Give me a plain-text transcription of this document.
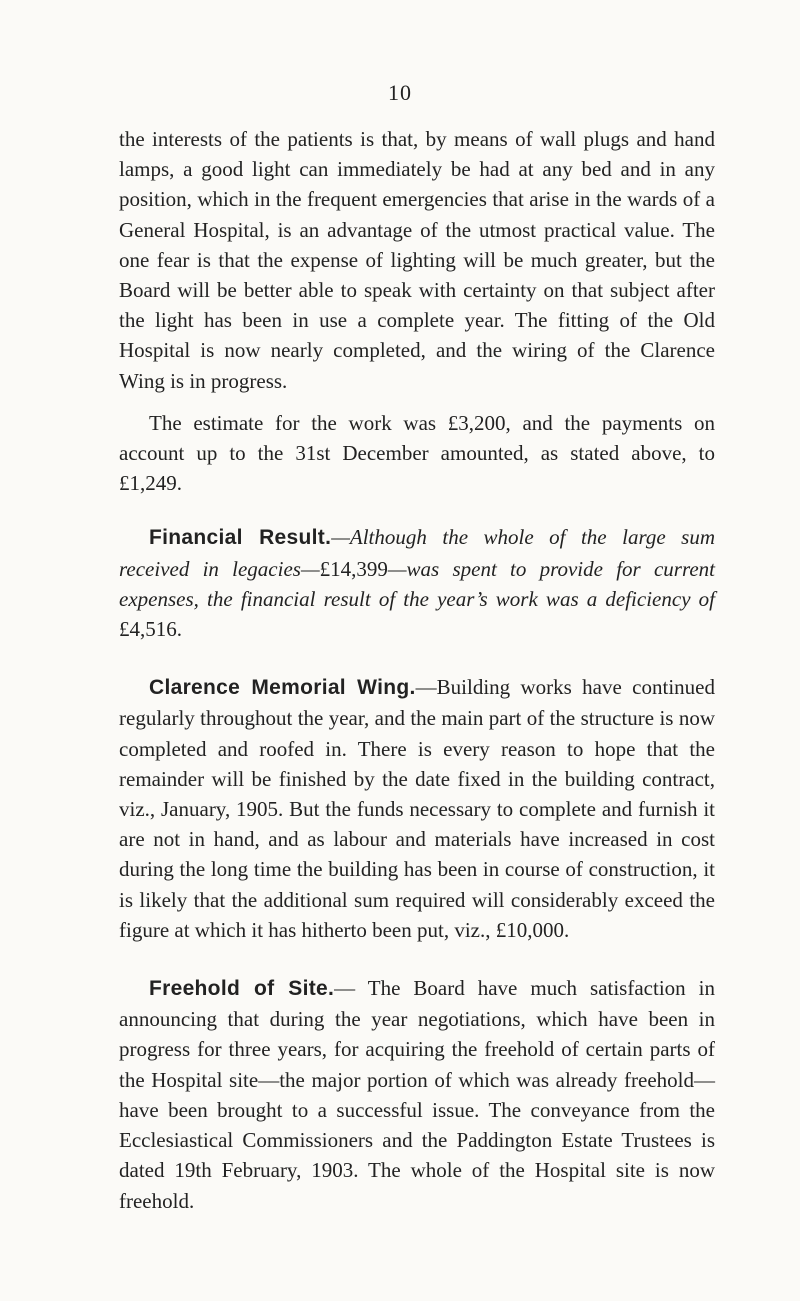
10

the interests of the patients is that, by means of wall plugs and hand lamps, a good light can immediately be had at any bed and in any position, which in the frequent emergencies that arise in the wards of a General Hospital, is an advantage of the utmost practical value. The one fear is that the expense of lighting will be much greater, but the Board will be better able to speak with certainty on that subject after the light has been in use a complete year. The fitting of the Old Hospital is now nearly completed, and the wiring of the Clarence Wing is in progress.

The estimate for the work was £3,200, and the payments on account up to the 31st December amounted, as stated above, to £1,249.

Financial Result.—Although the whole of the large sum received in legacies—£14,399—was spent to provide for current expenses, the financial result of the year’s work was a deficiency of £4,516.

Clarence Memorial Wing.—Building works have continued regularly throughout the year, and the main part of the structure is now completed and roofed in. There is every reason to hope that the remainder will be finished by the date fixed in the building contract, viz., January, 1905. But the funds necessary to complete and furnish it are not in hand, and as labour and materials have increased in cost during the long time the building has been in course of construction, it is likely that the additional sum required will considerably exceed the figure at which it has hitherto been put, viz., £10,000.

Freehold of Site.— The Board have much satisfaction in announcing that during the year negotiations, which have been in progress for three years, for acquiring the freehold of certain parts of the Hospital site—the major portion of which was already freehold—have been brought to a successful issue. The conveyance from the Ecclesiastical Commissioners and the Paddington Estate Trustees is dated 19th February, 1903. The whole of the Hospital site is now freehold.
